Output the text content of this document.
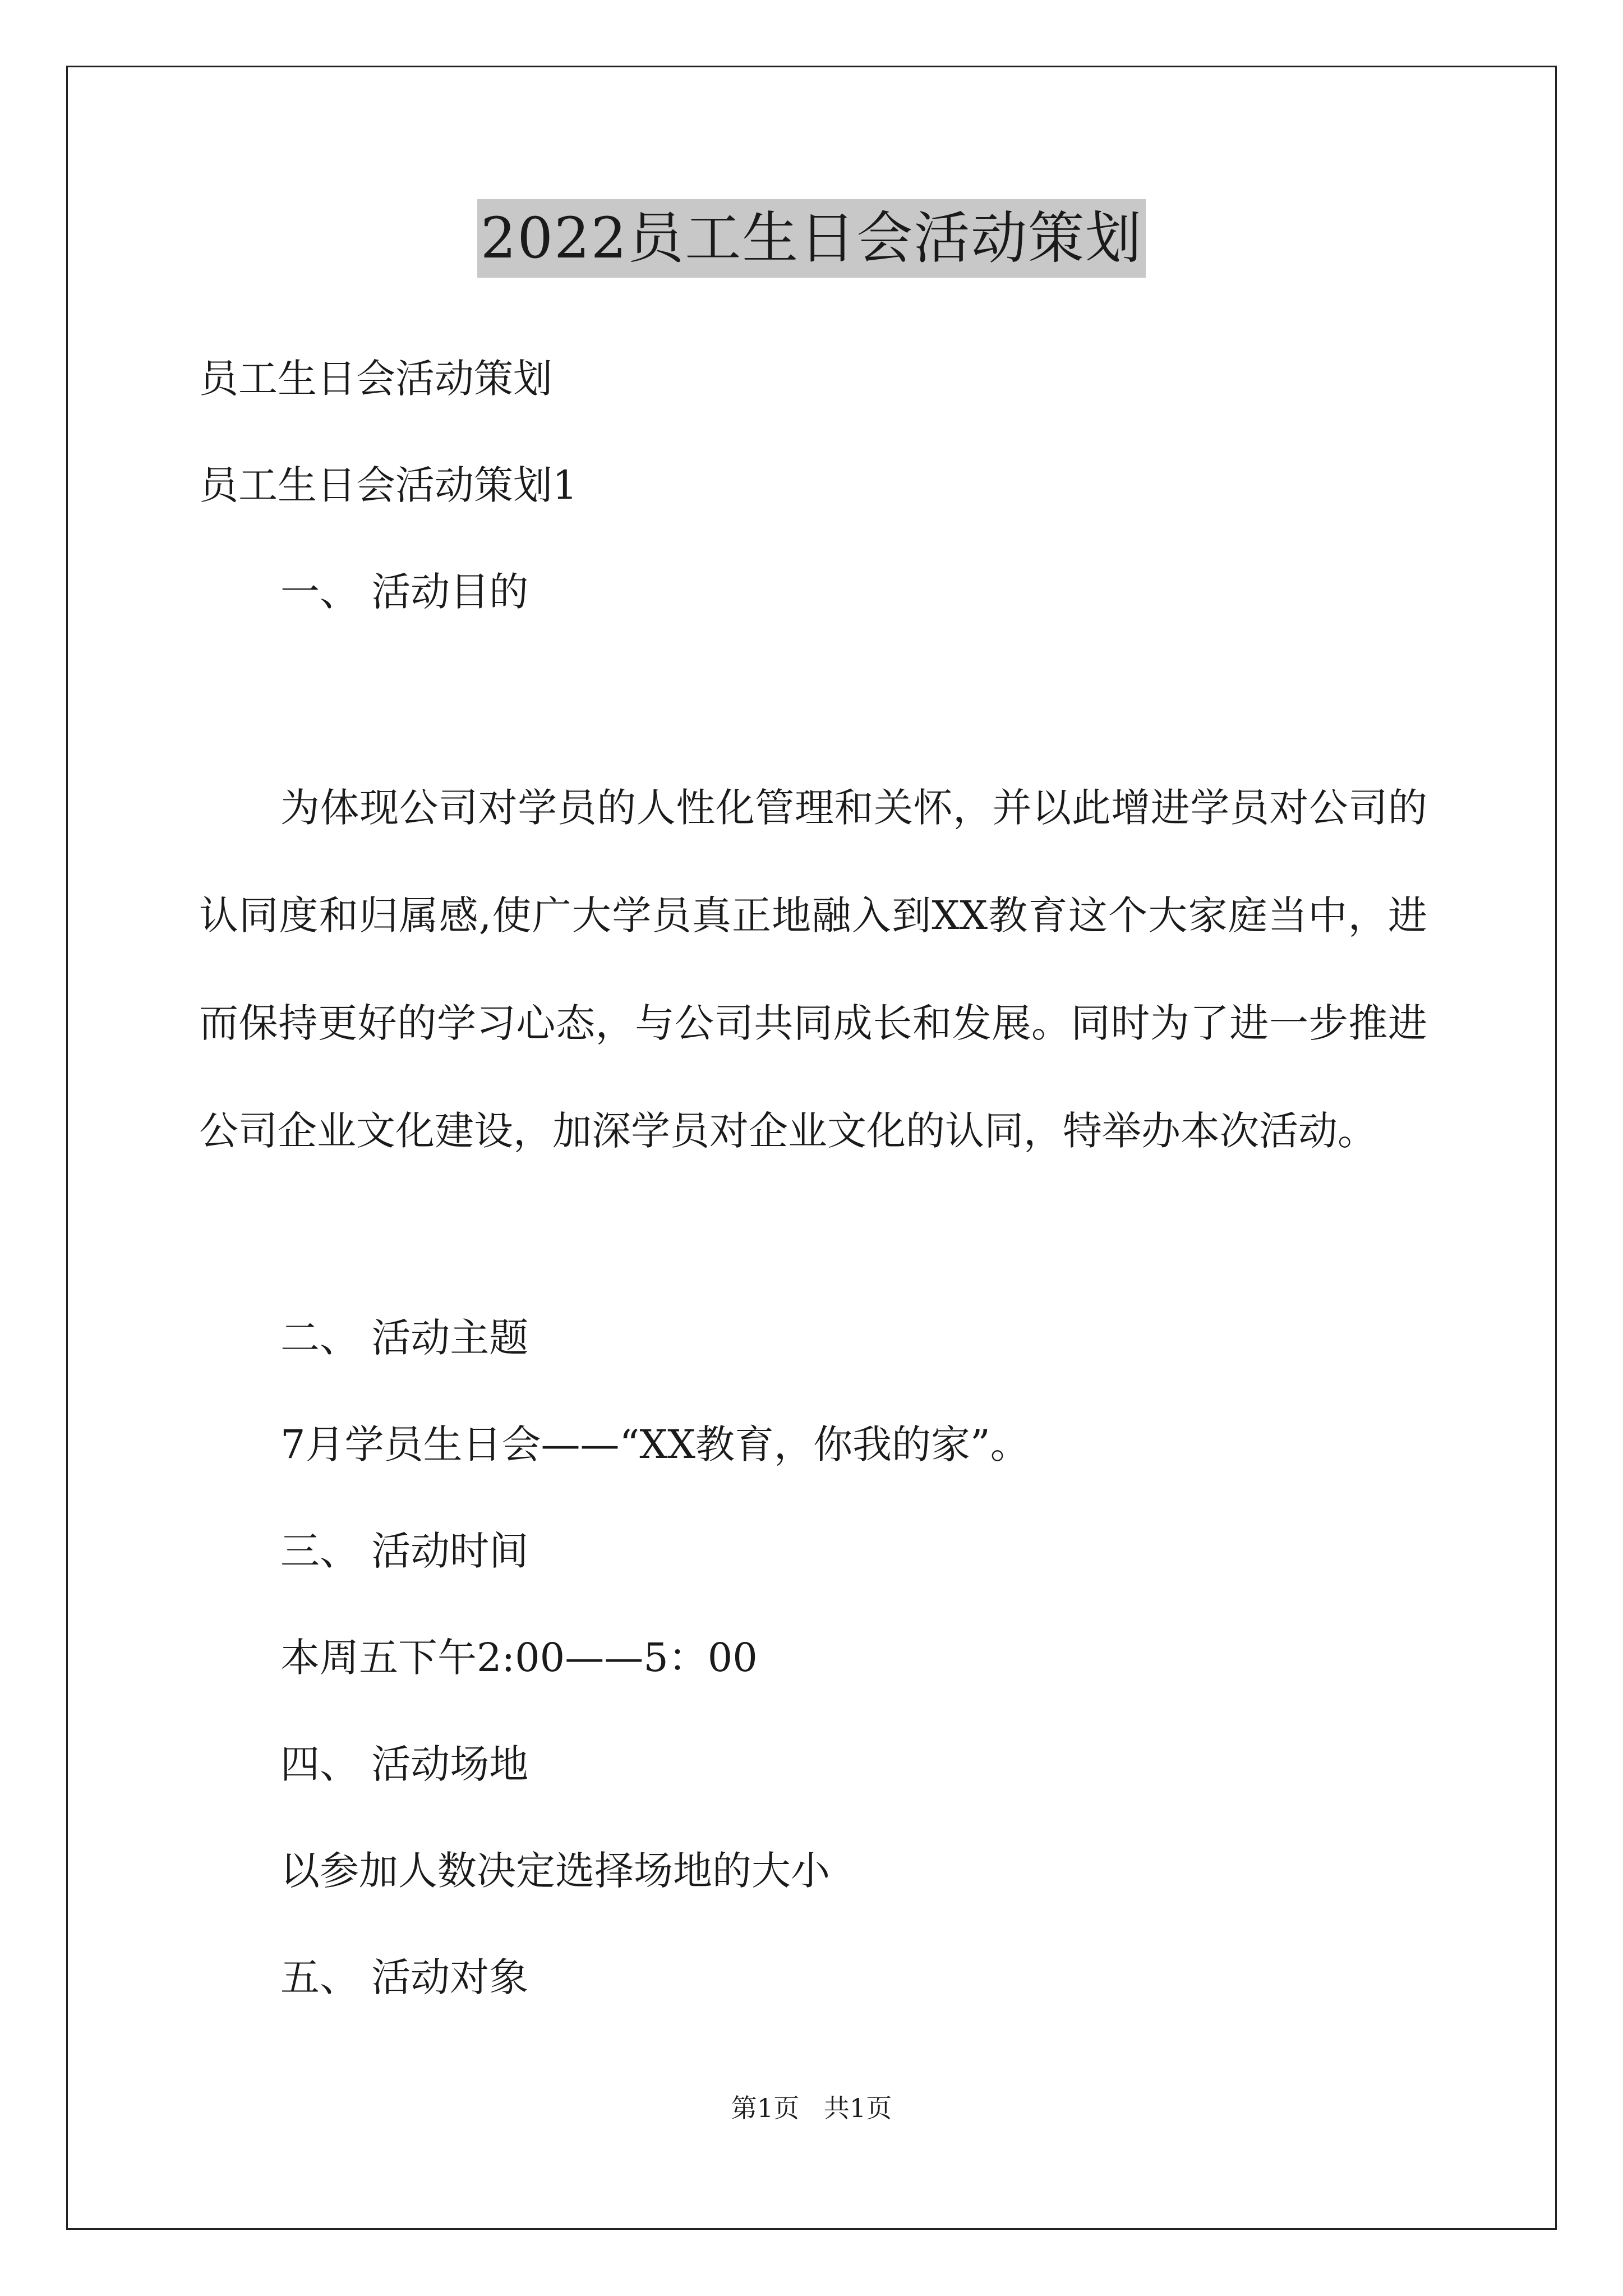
2022员工生日会活动策划
员工生日会活动策划
员工生日会活动策划1
一、 活动目的
为体现公司对学员的人性化管理和关怀，并以此增进学员对公司的认同度和归属感,使广大学员真正地融入到XX教育这个大家庭当中，进而保持更好的学习心态，与公司共同成长和发展。同时为了进一步推进公司企业文化建设，加深学员对企业文化的认同，特举办本次活动。
二、 活动主题
7月学员生日会——“XX教育，你我的家”。
三、 活动时间
本周五下午2:00——5：00
四、 活动场地
以参加人数决定选择场地的大小
五、 活动对象
第1页   共1页
